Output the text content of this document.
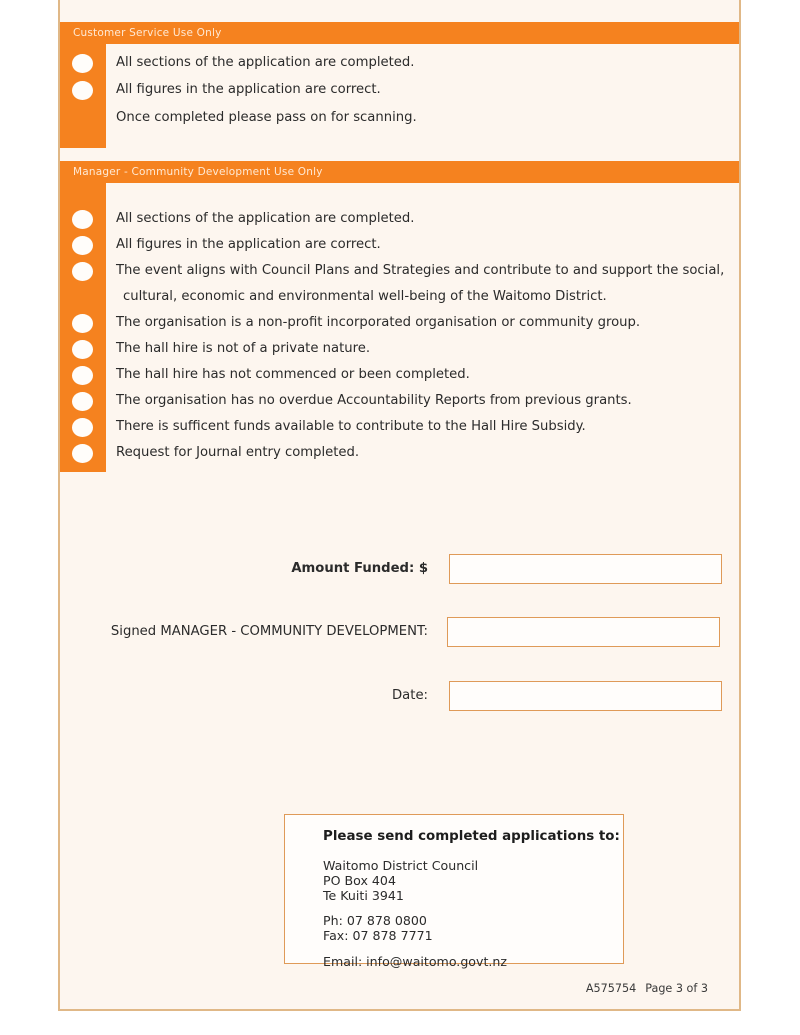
Customer Service Use Only
All sections of the application are completed.
All figures in the application are correct.
Once completed please pass on for scanning.
Manager - Community Development Use Only
All sections of the application are completed.
All figures in the application are correct.
The event aligns with Council Plans and Strategies and contribute to and support the social,
cultural, economic and environmental well-being of the Waitomo District.
The organisation is a non-profit incorporated organisation or community group.
The hall hire is not of a private nature.
The hall hire has not commenced or been completed.
The organisation has no overdue Accountability Reports from previous grants.
There is sufficent funds available to contribute to the Hall Hire Subsidy.
Request for Journal entry completed.
Amount Funded: $
Signed MANAGER - COMMUNITY DEVELOPMENT:
Date:
Please send completed applications to:
Waitomo District Council
PO Box 404
Te Kuiti 3941
Ph: 07 878 0800
Fax: 07 878 7771
Email: info@waitomo.govt.nz
A575754 Page 3 of 3
